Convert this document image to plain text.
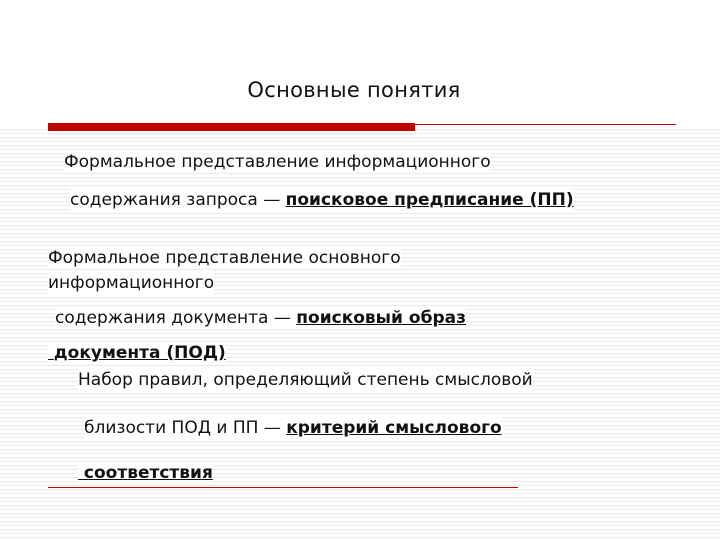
Основные понятия
Формальное представление информационного
содержания запроса — поисковое предписание (ПП)
Формальное представление основного
информационного
содержания документа — поисковый образ
документа (ПОД)
Набор правил, определяющий степень смысловой
близости ПОД и ПП — критерий смыслового
соответствия
